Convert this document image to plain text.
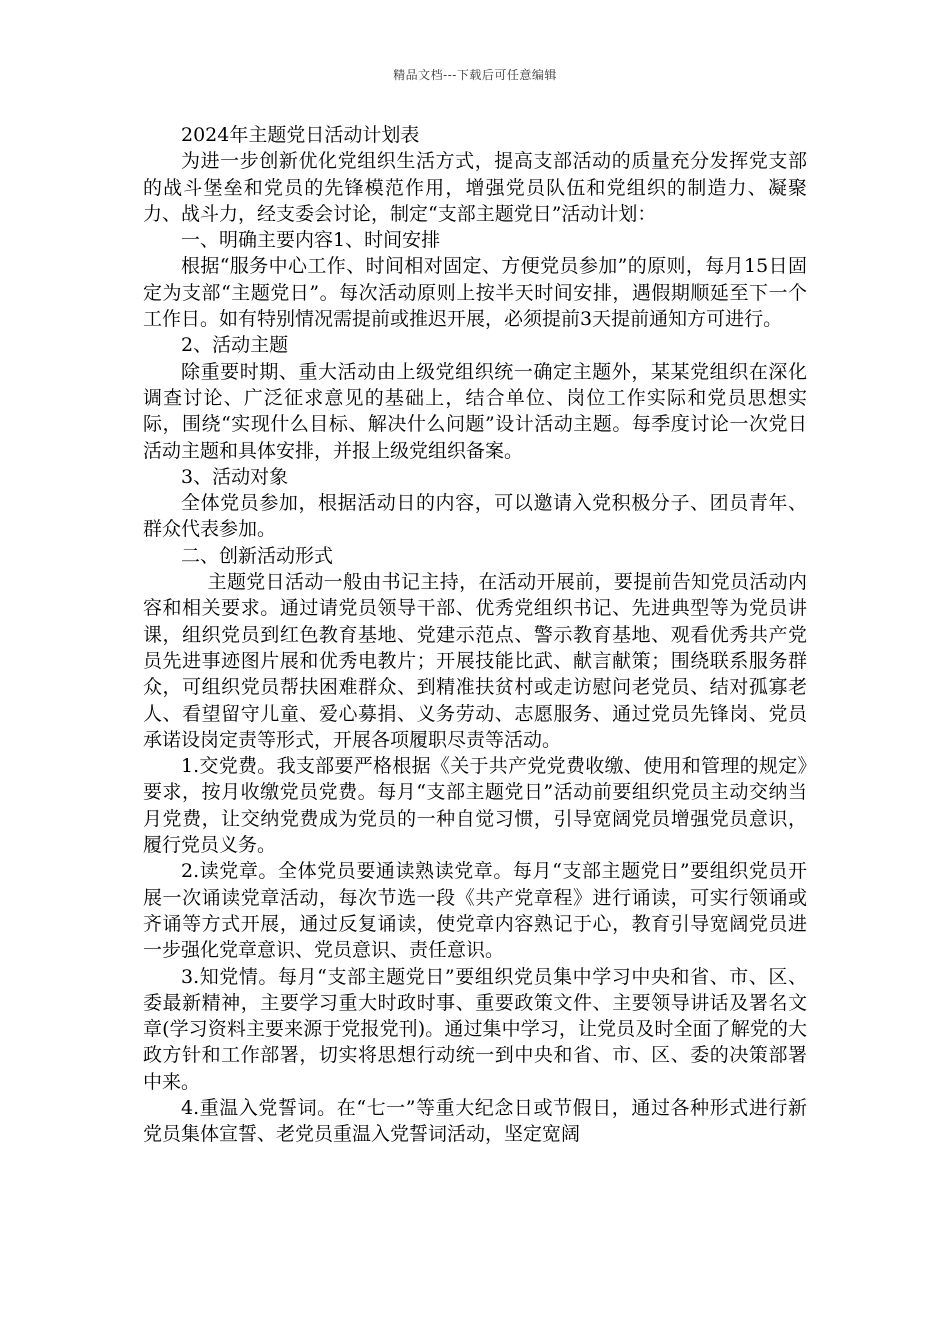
精品文档---下载后可任意编辑

2024年主题党日活动计划表

为进一步创新优化党组织生活方式，提高支部活动的质量充分发挥党支部的战斗堡垒和党员的先锋模范作用，增强党员队伍和党组织的制造力、凝聚力、战斗力，经支委会讨论，制定“支部主题党日”活动计划：

一、明确主要内容1、时间安排

根据“服务中心工作、时间相对固定、方便党员参加”的原则，每月15日固定为支部“主题党日”。每次活动原则上按半天时间安排，遇假期顺延至下一个工作日。如有特别情况需提前或推迟开展，必须提前3天提前通知方可进行。

2、活动主题

除重要时期、重大活动由上级党组织统一确定主题外，某某党组织在深化调查讨论、广泛征求意见的基础上，结合单位、岗位工作实际和党员思想实际，围绕“实现什么目标、解决什么问题”设计活动主题。每季度讨论一次党日活动主题和具体安排，并报上级党组织备案。

3、活动对象

全体党员参加，根据活动日的内容，可以邀请入党积极分子、团员青年、群众代表参加。

二、创新活动形式

主题党日活动一般由书记主持，在活动开展前，要提前告知党员活动内容和相关要求。通过请党员领导干部、优秀党组织书记、先进典型等为党员讲课，组织党员到红色教育基地、党建示范点、警示教育基地、观看优秀共产党员先进事迹图片展和优秀电教片；开展技能比武、献言献策；围绕联系服务群众，可组织党员帮扶困难群众、到精准扶贫村或走访慰问老党员、结对孤寡老人、看望留守儿童、爱心募捐、义务劳动、志愿服务、通过党员先锋岗、党员承诺设岗定责等形式，开展各项履职尽责等活动。

1.交党费。我支部要严格根据《关于共产党党费收缴、使用和管理的规定》要求，按月收缴党员党费。每月“支部主题党日”活动前要组织党员主动交纳当月党费，让交纳党费成为党员的一种自觉习惯，引导宽阔党员增强党员意识，履行党员义务。

2.读党章。全体党员要通读熟读党章。每月“支部主题党日”要组织党员开展一次诵读党章活动，每次节选一段《共产党章程》进行诵读，可实行领诵或齐诵等方式开展，通过反复诵读，使党章内容熟记于心，教育引导宽阔党员进一步强化党章意识、党员意识、责任意识。

3.知党情。每月“支部主题党日”要组织党员集中学习中央和省、市、区、委最新精神，主要学习重大时政时事、重要政策文件、主要领导讲话及署名文章(学习资料主要来源于党报党刊)。通过集中学习，让党员及时全面了解党的大政方针和工作部署，切实将思想行动统一到中央和省、市、区、委的决策部署中来。

4.重温入党誓词。在“七一”等重大纪念日或节假日，通过各种形式进行新党员集体宣誓、老党员重温入党誓词活动，坚定宽阔
